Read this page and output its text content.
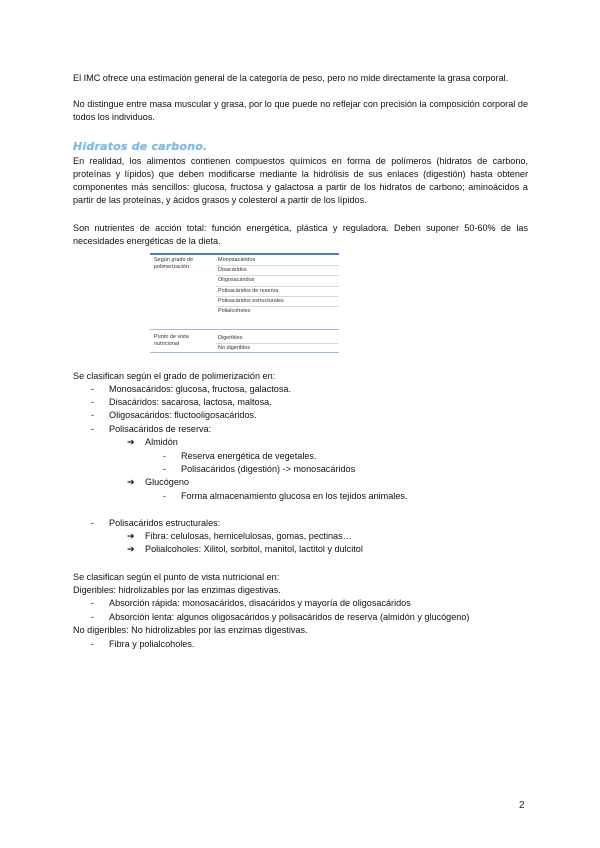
El IMC ofrece una estimación general de la categoría de peso, pero no mide directamente la grasa corporal.

No distingue entre masa muscular y grasa, por lo que puede no reflejar con precisión la composición corporal de todos los individuos.

Hidratos de carbono.

En realidad, los alimentos contienen compuestos químicos en forma de polímeros (hidratos de carbono, proteínas y lípidos) que deben modificarse mediante la hidrólisis de sus enlaces (digestión) hasta obtener componentes más sencillos: glucosa, fructosa y galactosa a partir de los hidratos de carbono; aminoácidos a partir de las proteínas, y ácidos grasos y colesterol a partir de los lípidos.

Son nutrientes de acción total: función energética, plástica y reguladora. Deben suponer 50-60% de las necesidades energéticas de la dieta.

Según grado de
polimerización
Monosacáridos
Disacáridos
Oligosacáridos
Polisacáridos de reserva
Polisacáridos estructurales
Polialcoholes
Punto de vista
nutricional
Digeribles
No digeribles

Se clasifican según el grado de polimerización en:

- Monosacáridos: glucosa, fructosa, galactosa.

- Disacáridos: sacarosa, lactosa, maltosa.

- Oligosacáridos: fluctooligosacáridos.

- Polisacáridos de reserva:

➔ Almidón

- Reserva energética de vegetales.

- Polisacáridos (digestión) -> monosacáridos

➔ Glucógeno

- Forma almacenamiento glucosa en los tejidos animales.

- Polisacáridos estructurales:

➔ Fibra: celulosas, hemicelulosas, gomas, pectinas…

➔ Polialcoholes: Xilitol, sorbitol, manitol, lactitol y dulcitol

Se clasifican según el punto de vista nutricional en:

Digeribles: hidrolizables por las enzimas digestivas.

- Absorción rápida: monosacáridos, disacáridos y mayoría de oligosacáridos

- Absorción lenta: algunos oligosacáridos y polisacáridos de reserva (almidón y glucógeno)

No digeribles: No hidrolizables por las enzimas digestivas.

- Fibra y polialcoholes.

2
